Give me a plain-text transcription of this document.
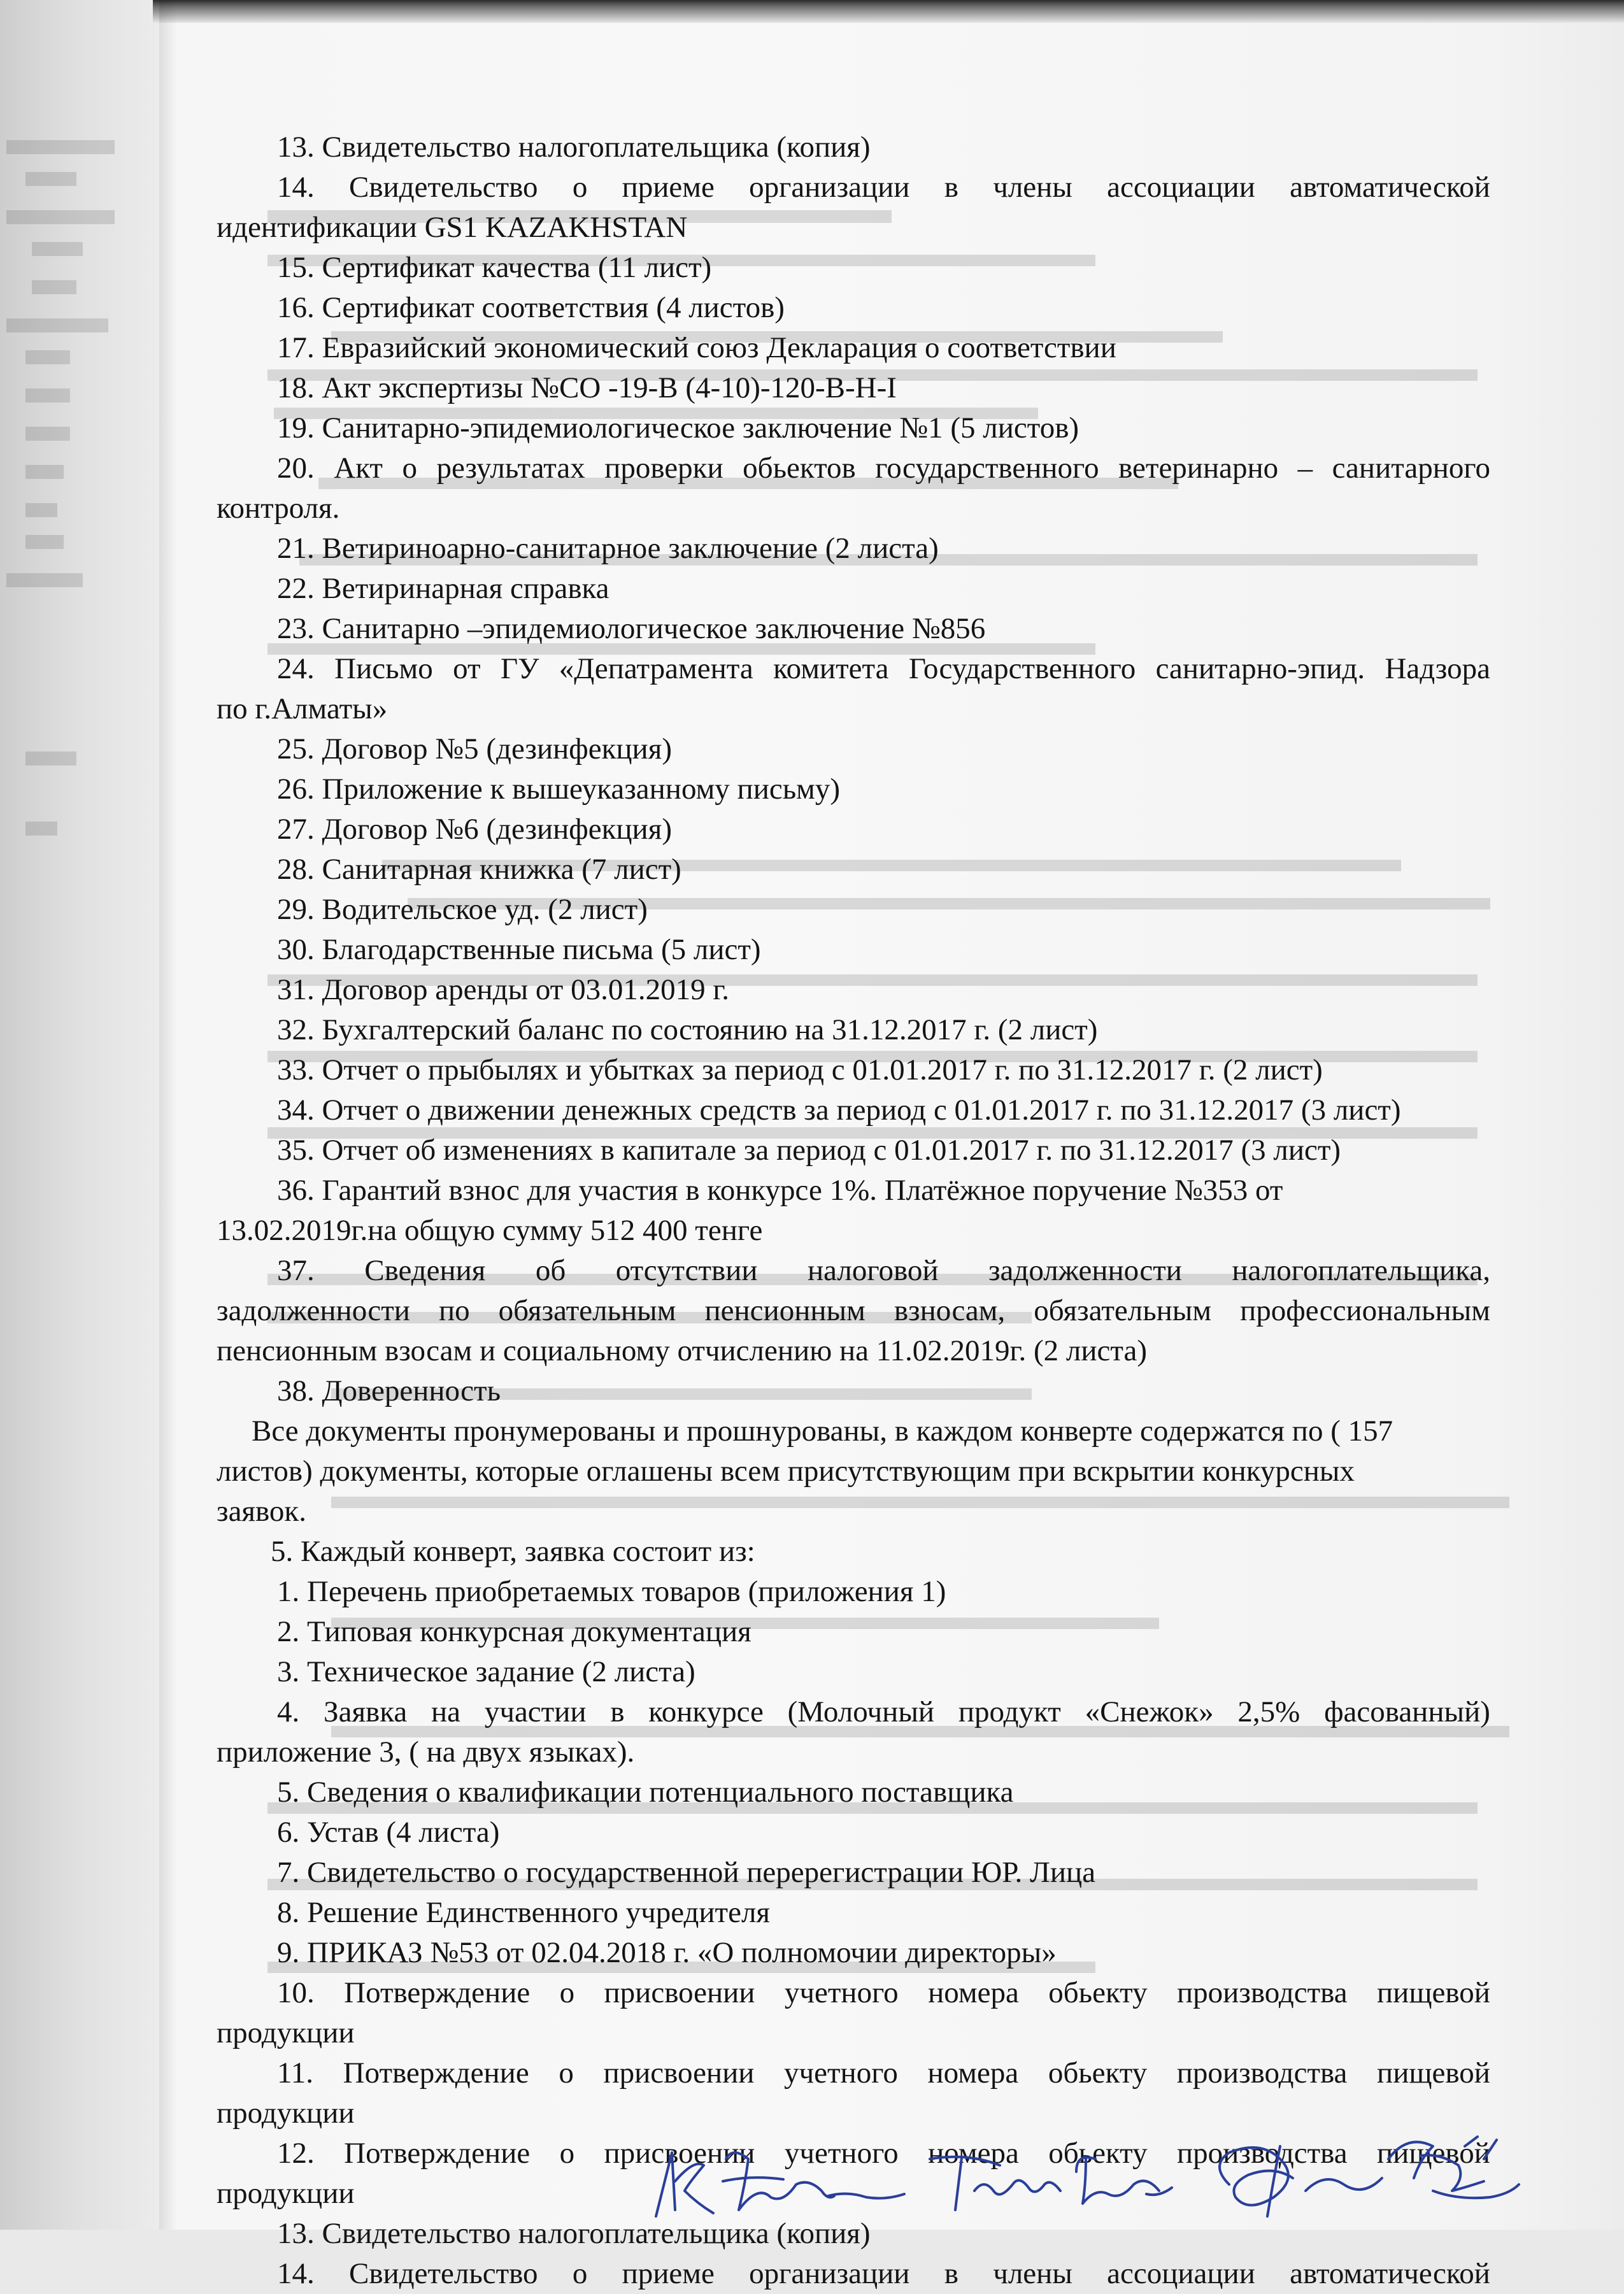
13. Свидетельство налогоплательщика (копия)
14. Свидетельство о приеме организации в члены ассоциации автоматической
идентификации GS1 KAZAKHSTAN
15. Сертификат качества (11 лист)
16. Сертификат соответствия (4 листов)
17. Евразийский экономический союз Декларация о соответствии
18. Акт экспертизы №СО -19-В (4-10)-120-В-Н-I
19. Санитарно-эпидемиологическое заключение №1 (5 листов)
20. Акт о результатах проверки обьектов государственного ветеринарно – санитарного
контроля.
21. Ветириноарно-санитарное заключение (2 листа)
22. Ветиринарная справка
23. Санитарно –эпидемиологическое заключение №856
24. Письмо от ГУ «Депатрамента комитета Государственного санитарно-эпид. Надзора
по г.Алматы»
25. Договор №5 (дезинфекция)
26. Приложение к вышеуказанному письму)
27. Договор №6 (дезинфекция)
28. Санитарная книжка (7 лист)
29. Водительское уд. (2 лист)
30. Благодарственные письма (5 лист)
31. Договор аренды от 03.01.2019 г.
32. Бухгалтерский баланс по состоянию на 31.12.2017 г. (2 лист)
33. Отчет о прыбылях и убытках за период с 01.01.2017 г. по 31.12.2017 г. (2 лист)
34. Отчет о движении денежных средств за период с 01.01.2017 г. по 31.12.2017 (3 лист)
35. Отчет об изменениях в капитале за период с 01.01.2017 г. по 31.12.2017 (3 лист)
36. Гарантий взнос для участия в конкурсе 1%. Платёжное поручение №353 от
13.02.2019г.на общую сумму 512 400 тенге
37. Сведения об отсутствии налоговой задолженности налогоплательщика,
задолженности по обязательным пенсионным взносам, обязательным профессиональным
пенсионным взосам и социальному отчислению на 11.02.2019г. (2 листа)
38. Доверенность
Все документы пронумерованы и прошнурованы, в каждом конверте содержатся по ( 157
листов) документы, которые оглашены всем присутствующим при вскрытии конкурсных
заявок.
5. Каждый конверт, заявка состоит из:
1. Перечень приобретаемых товаров (приложения 1)
2. Типовая конкурсная документация
3. Техническое задание (2 листа)
4. Заявка на участии в конкурсе (Молочный продукт «Снежок» 2,5% фасованный)
приложение 3, ( на двух языках).
5. Сведения о квалификации потенциального поставщика
6. Устав (4 листа)
7. Свидетельство о государственной перерегистрации ЮР. Лица
8. Решение Единственного учредителя
9. ПРИКАЗ №53 от 02.04.2018 г. «О полномочии директоры»
10. Потверждение о присвоении учетного номера обьекту производства пищевой
продукции
11. Потверждение о присвоении учетного номера обьекту производства пищевой
продукции
12. Потверждение о присвоении учетного номера обьекту производства пищевой
продукции
13. Свидетельство налогоплательщика (копия)
14. Свидетельство о приеме организации в члены ассоциации автоматической
